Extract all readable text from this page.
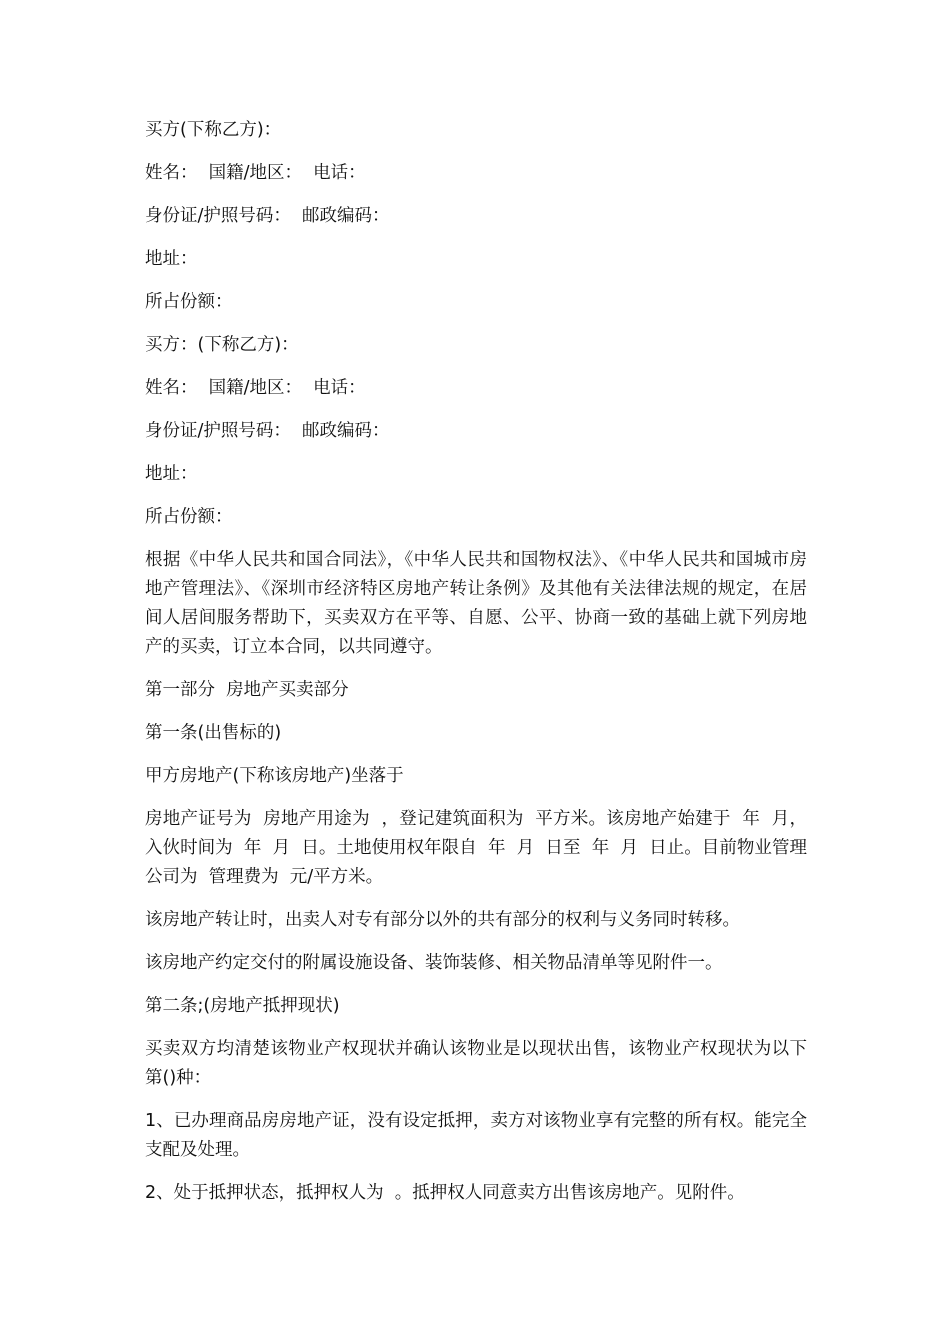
买方(下称乙方)：

姓名：  国籍/地区：  电话：

身份证/护照号码：  邮政编码：

地址：

所占份额：

买方：(下称乙方)：

姓名：  国籍/地区：  电话：

身份证/护照号码：  邮政编码：

地址：

所占份额：

根据《中华人民共和国合同法》，《中华人民共和国物权法》、《中华人民共和国城市房地产管理法》、《深圳市经济特区房地产转让条例》及其他有关法律法规的规定，在居间人居间服务帮助下，买卖双方在平等、自愿、公平、协商一致的基础上就下列房地产的买卖，订立本合同，以共同遵守。

第一部分  房地产买卖部分

第一条(出售标的)

甲方房地产(下称该房地产)坐落于

房地产证号为  房地产用途为  ，登记建筑面积为  平方米。该房地产始建于  年  月，入伙时间为  年  月  日。土地使用权年限自  年  月  日至  年  月  日止。目前物业管理公司为  管理费为  元/平方米。

该房地产转让时，出卖人对专有部分以外的共有部分的权利与义务同时转移。

该房地产约定交付的附属设施设备、装饰装修、相关物品清单等见附件一。

第二条;(房地产抵押现状)

买卖双方均清楚该物业产权现状并确认该物业是以现状出售，该物业产权现状为以下第()种：

1、已办理商品房房地产证，没有设定抵押，卖方对该物业享有完整的所有权。能完全支配及处理。

2、处于抵押状态，抵押权人为  。抵押权人同意卖方出售该房地产。见附件。
